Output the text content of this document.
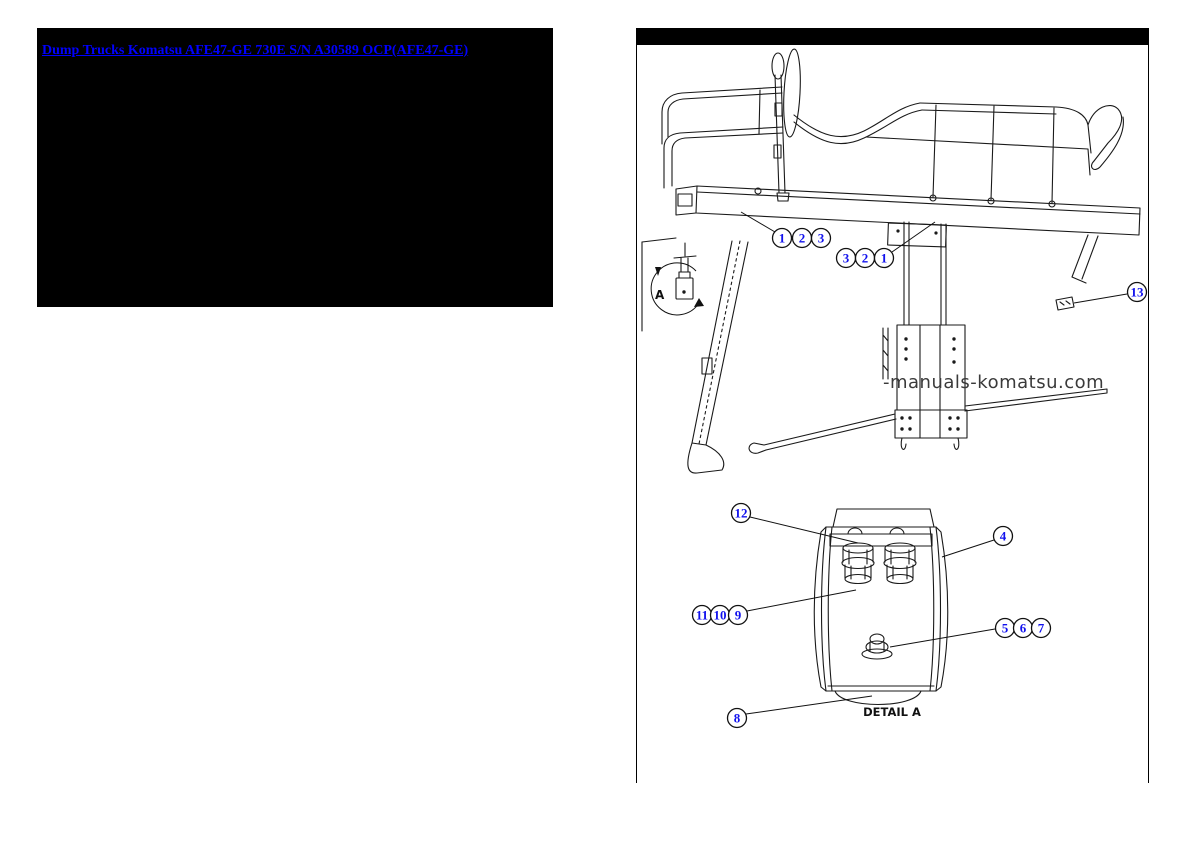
Dump Trucks Komatsu AFE47-GE 730E S/N A30589 OCP(AFE47-GE)
A
-manuals-komatsu.com
DETAIL A
1 2 3
3 2 1
13
12
4
11 10 9
5 6 7
8
